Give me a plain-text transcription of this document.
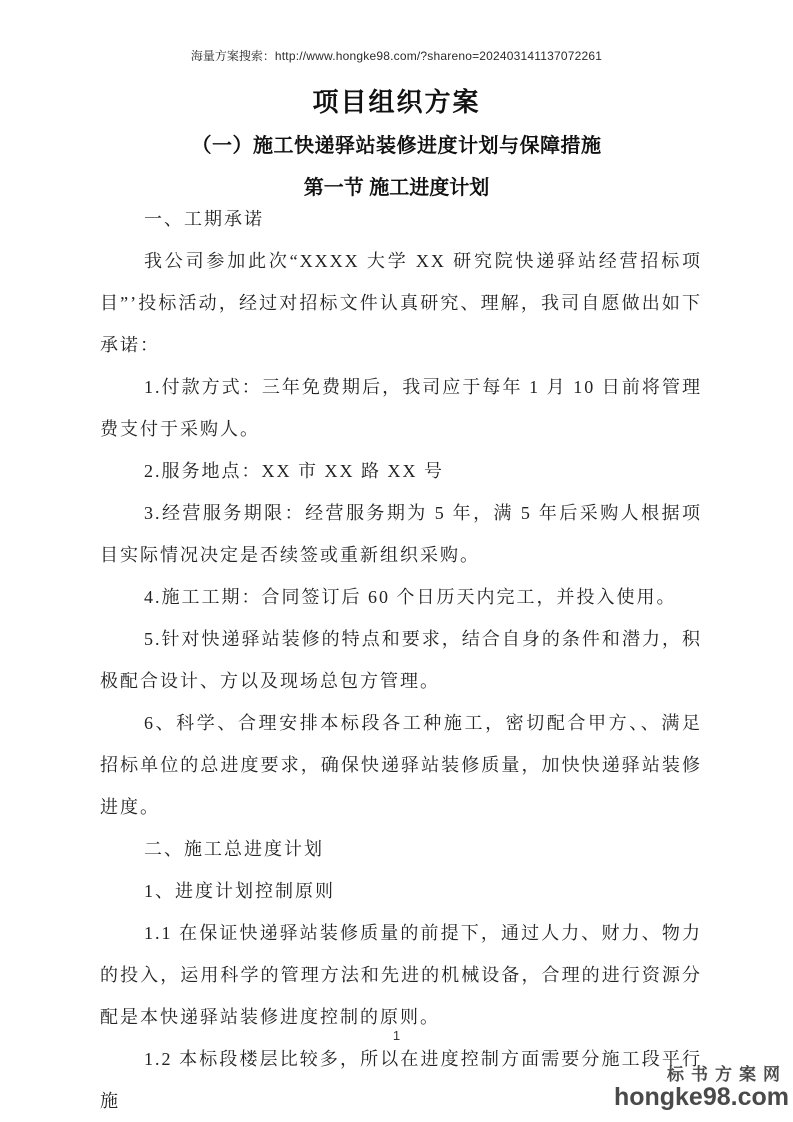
海量方案搜索：http://www.hongke98.com/?shareno=202403141137072261
项目组织方案
（一）施工快递驿站装修进度计划与保障措施
第一节 施工进度计划

一、工期承诺

我公司参加此次“XXXX 大学 XX 研究院快递驿站经营招标项目”’投标活动，经过对招标文件认真研究、理解，我司自愿做出如下承诺：

1.付款方式：三年免费期后，我司应于每年 1 月 10 日前将管理费支付于采购人。

2.服务地点：XX 市 XX 路 XX 号

3.经营服务期限：经营服务期为 5 年，满 5 年后采购人根据项目实际情况决定是否续签或重新组织采购。

4.施工工期：合同签订后 60 个日历天内完工，并投入使用。

5.针对快递驿站装修的特点和要求，结合自身的条件和潜力，积极配合设计、方以及现场总包方管理。

6、科学、合理安排本标段各工种施工，密切配合甲方、、满足招标单位的总进度要求，确保快递驿站装修质量，加快快递驿站装修进度。

二、施工总进度计划

1、进度计划控制原则

1.1 在保证快递驿站装修质量的前提下，通过人力、财力、物力的投入，运用科学的管理方法和先进的机械设备，合理的进行资源分配是本快递驿站装修进度控制的原则。

1.2 本标段楼层比较多，所以在进度控制方面需要分施工段平行施

1
标书方案网
hongke98.com
